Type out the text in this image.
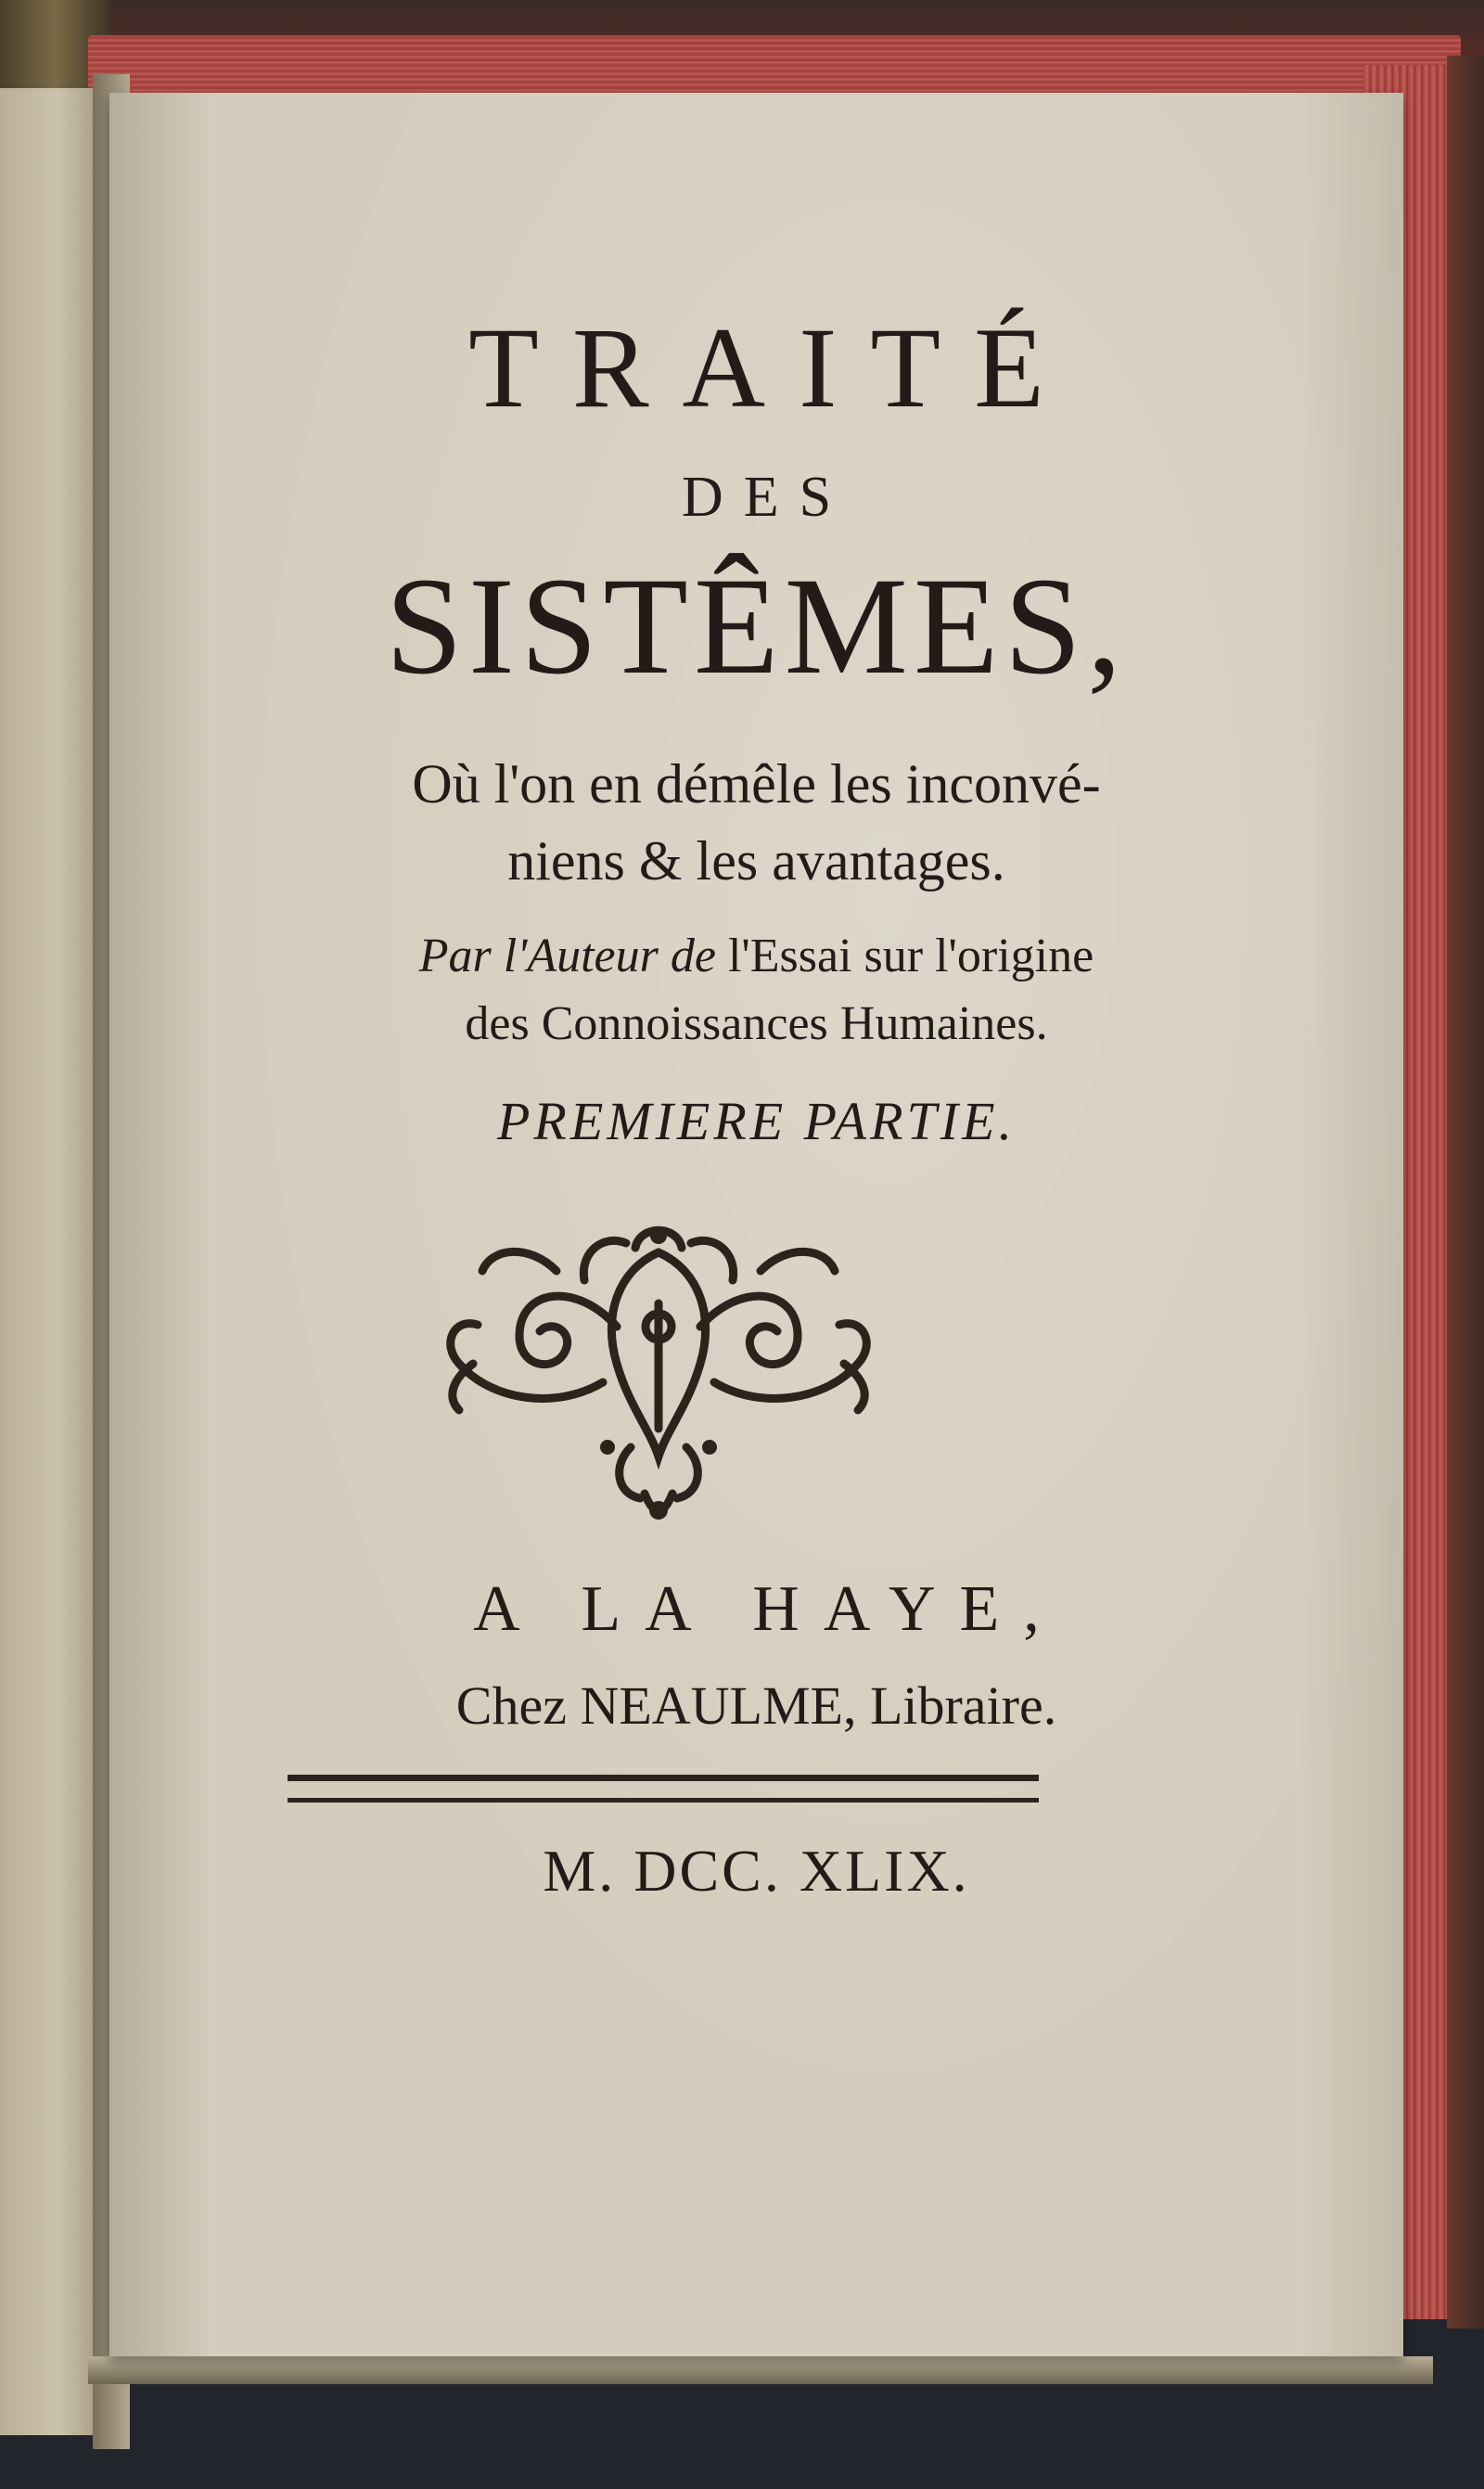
TRAITÉ

DES

SISTÊMES,

Où l'on en démêle les inconvé-

niens & les avantages.

Par l'Auteur de l'Essai sur l'origine

des Connoissances Humaines.

PREMIERE PARTIE.

A LA HAYE,

Chez NEAULME, Libraire.

M. DCC. XLIX.
